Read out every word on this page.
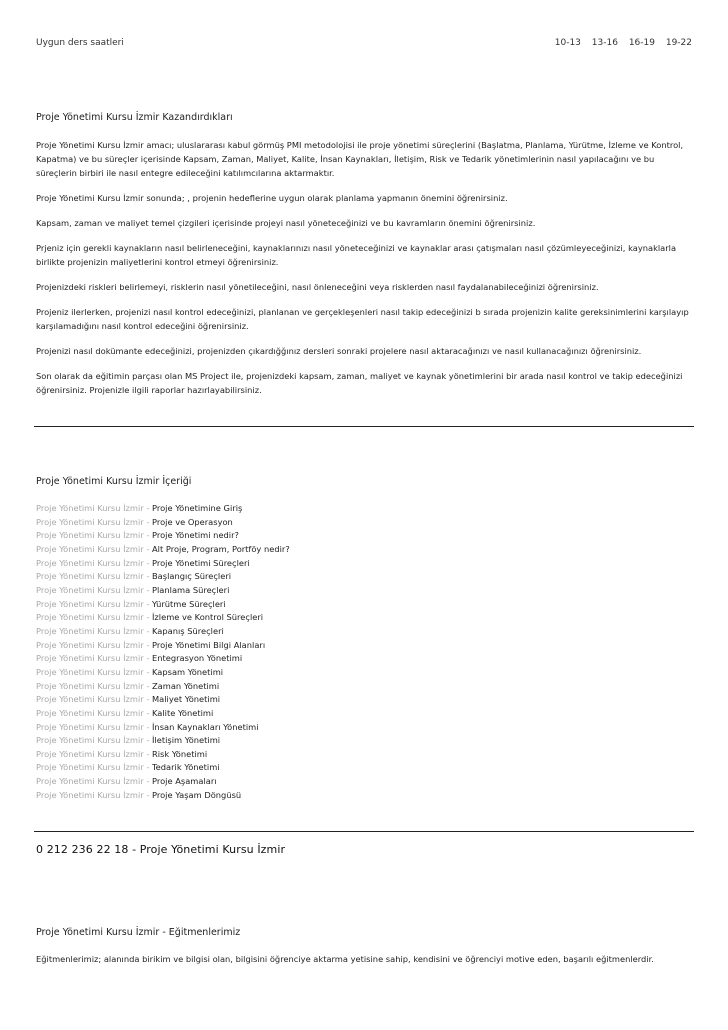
Uygun ders saatleri	10-13 13-16 16-19 19-22
Proje Yönetimi Kursu İzmir Kazandırdıkları

Proje Yönetimi Kursu İzmir amacı; uluslararası kabul görmüş PMI metodolojisi ile proje yönetimi süreçlerini (Başlatma, Planlama, Yürütme, İzleme ve Kontrol, Kapatma) ve bu süreçler içerisinde Kapsam, Zaman, Maliyet, Kalite, İnsan Kaynakları, İletişim, Risk ve Tedarik yönetimlerinin nasıl yapılacağını ve bu süreçlerin birbiri ile nasıl entegre edileceğini katılımcılarına aktarmaktır.

Proje Yönetimi Kursu İzmir sonunda; , projenin hedeflerine uygun olarak planlama yapmanın önemini öğrenirsiniz.

Kapsam, zaman ve maliyet temel çizgileri içerisinde projeyi nasıl yöneteceğinizi ve bu kavramların önemini öğrenirsiniz.

Prjeniz için gerekli kaynakların nasıl belirleneceğini, kaynaklarınızı nasıl yöneteceğinizi ve kaynaklar arası çatışmaları nasıl çözümleyeceğinizi, kaynaklarla birlikte projenizin maliyetlerini kontrol etmeyi öğrenirsiniz.

Projenizdeki riskleri belirlemeyi, risklerin nasıl yönetileceğini, nasıl önleneceğini veya risklerden nasıl faydalanabileceğinizi öğrenirsiniz.

Projeniz ilerlerken, projenizi nasıl kontrol edeceğinizi, planlanan ve gerçekleşenleri nasıl takip edeceğinizi b sırada projenizin kalite gereksinimlerini karşılayıp karşılamadığını nasıl kontrol edeceğini öğrenirsiniz.

Projenizi nasıl dokümante edeceğinizi, projenizden çıkardığğınız dersleri sonraki projelere nasıl aktaracağınızı ve nasıl kullanacağınızı öğrenirsiniz.

Son olarak da eğitimin parçası olan MS Project ile, projenizdeki kapsam, zaman, maliyet ve kaynak yönetimlerini bir arada nasıl kontrol ve takip edeceğinizi öğrenirsiniz. Projenizle ilgili raporlar hazırlayabilirsiniz.

Proje Yönetimi Kursu İzmir İçeriği
Proje Yönetimi Kursu İzmir - Proje Yönetimine Giriş
Proje Yönetimi Kursu İzmir - Proje ve Operasyon
Proje Yönetimi Kursu İzmir - Proje Yönetimi nedir?
Proje Yönetimi Kursu İzmir - Alt Proje, Program, Portföy nedir?
Proje Yönetimi Kursu İzmir - Proje Yönetimi Süreçleri
Proje Yönetimi Kursu İzmir - Başlangıç Süreçleri
Proje Yönetimi Kursu İzmir - Planlama Süreçleri
Proje Yönetimi Kursu İzmir - Yürütme Süreçleri
Proje Yönetimi Kursu İzmir - İzleme ve Kontrol Süreçleri
Proje Yönetimi Kursu İzmir - Kapanış Süreçleri
Proje Yönetimi Kursu İzmir - Proje Yönetimi Bilgi Alanları
Proje Yönetimi Kursu İzmir - Entegrasyon Yönetimi
Proje Yönetimi Kursu İzmir - Kapsam Yönetimi
Proje Yönetimi Kursu İzmir - Zaman Yönetimi
Proje Yönetimi Kursu İzmir - Maliyet Yönetimi
Proje Yönetimi Kursu İzmir - Kalite Yönetimi
Proje Yönetimi Kursu İzmir - İnsan Kaynakları Yönetimi
Proje Yönetimi Kursu İzmir - İletişim Yönetimi
Proje Yönetimi Kursu İzmir - Risk Yönetimi
Proje Yönetimi Kursu İzmir - Tedarik Yönetimi
Proje Yönetimi Kursu İzmir - Proje Aşamaları
Proje Yönetimi Kursu İzmir - Proje Yaşam Döngüsü

0 212 236 22 18 - Proje Yönetimi Kursu İzmir

Proje Yönetimi Kursu İzmir - Eğitmenlerimiz

Eğitmenlerimiz; alanında birikim ve bilgisi olan, bilgisini öğrenciye aktarma yetisine sahip, kendisini ve öğrenciyi motive eden, başarılı eğitmenlerdir.
